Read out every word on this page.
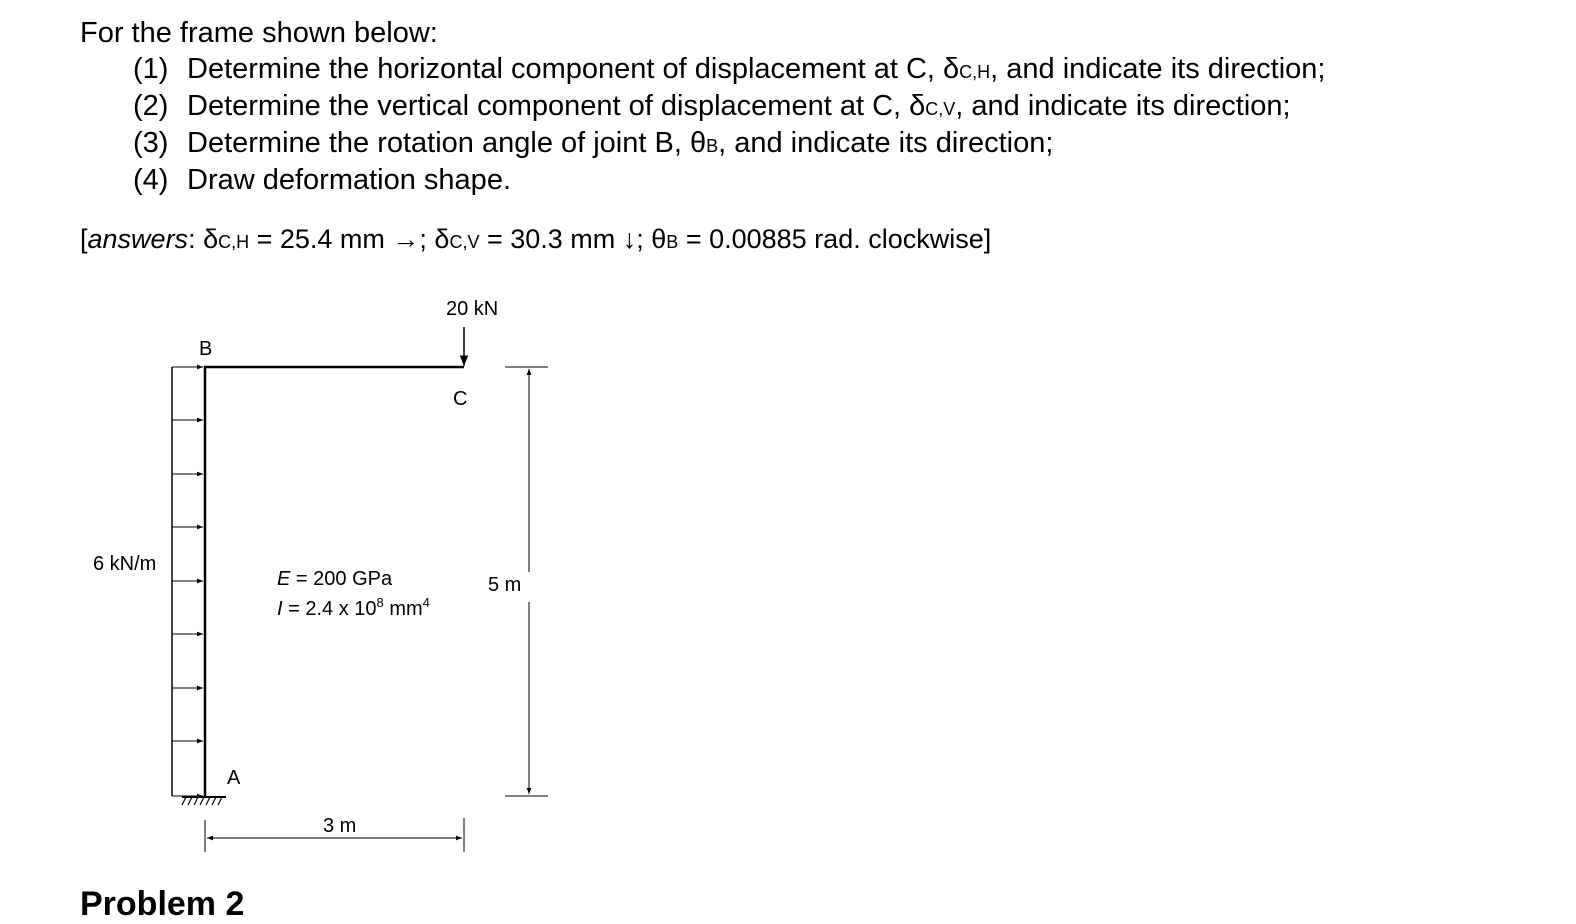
For the frame shown below:
(1) Determine the horizontal component of displacement at C, δC,H, and indicate its direction;
(2) Determine the vertical component of displacement at C, δC,V, and indicate its direction;
(3) Determine the rotation angle of joint B, θB, and indicate its direction;
(4) Draw deformation shape.
[answers: δC,H = 25.4 mm →; δC,V = 30.3 mm ↓; θB = 0.00885 rad. clockwise]
20 kN
6 kN/m
B
C
A
E = 200 GPa
I = 2.4 x $10^8$ $mm^4$
5 m
3 m
Problem 2
